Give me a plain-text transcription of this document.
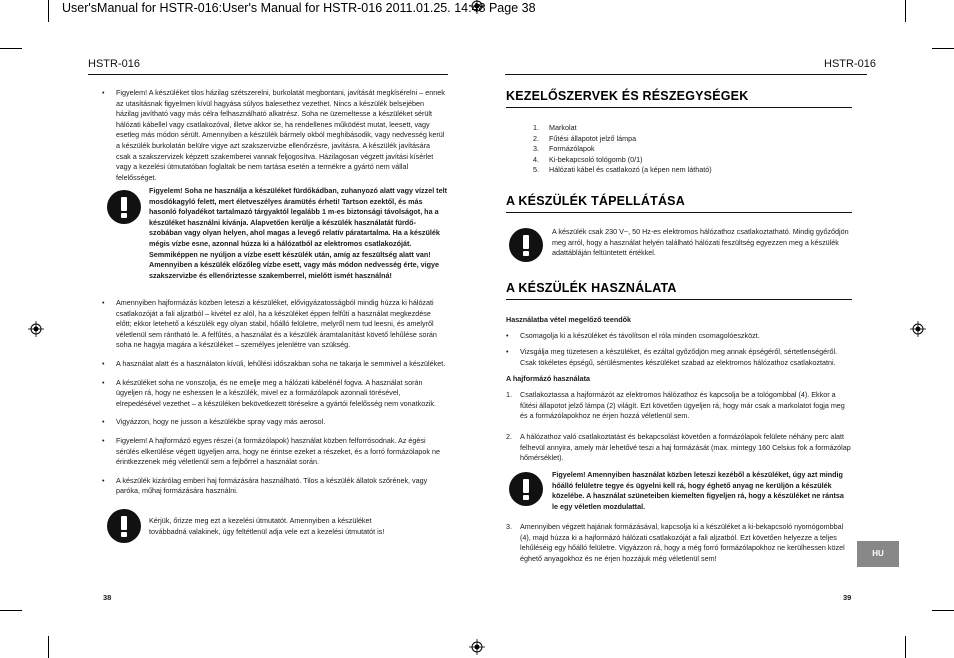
User'sManual for HSTR-016:User's Manual for HSTR-016 2011.01.25. 14:48 Page 38
HSTR-016	HSTR-016

• Figyelem! A készüléket tilos házilag szétszerelni, burkolatát megbontani, javítását megkísérelni – ennek az utasításnak figyelmen kívül hagyása súlyos balesethez vezethet. Nincs a készülék belsejében házilag javítható vagy más célra felhasználható alkatrész. Soha ne üzemeltesse a készüléket sérült hálózati kábellel vagy csatlakozóval, illetve akkor se, ha rendellenes működést mutat, leesett, vagy esetleg más módon sérült. Amennyiben a készülék bármely okból meghibásodik, vagy nedvesség kerül a készülék burkolatán belülre vigye azt szakszervizbe ellenőrzésre, javításra. A készülék javítására csak a szakszervizek képzett szakemberei vannak feljogosítva. Házilagosan végzett javítási kísérlet vagy a kezelési útmutatóban foglaltak be nem tartása esetén a termékre a gyártó nem vállal felelősséget.

Figyelem! Soha ne használja a készüléket fürdőkádban, zuhanyozó alatt vagy vízzel telt mosdókagyló felett, mert életveszélyes áramütés érheti! Tartson ezektől, és más hasonló folyadékot tartalmazó tárgyaktól legalább 1 m-es biztonsági távolságot, ha a készüléket használni kívánja. Alapvetően kerülje a készülék használatát fürdő-szobában vagy olyan helyen, ahol magas a levegő relatív páratartalma. Ha a készülék mégis vízbe esne, azonnal húzza ki a hálózatból az elektromos csatlakozóját. Semmiképpen ne nyúljon a vízbe esett készülék után, amíg az feszültség alatt van! Amennyiben a készülék előzőleg vízbe esett, vagy más módon nedvesség érte, vigye szakszervizbe és ellenőriztesse szakemberrel, mielőtt ismét használná!

• Amennyiben hajformázás közben leteszi a készüléket, elővigyázatosságból mindig húzza ki hálózati csatlakozóját a fali aljzatból – kivétel ez alól, ha a készüléket éppen felfűti a használat megkezdése előtt; ekkor letehető a készülék egy olyan stabil, hőálló felületre, melyről nem tud leesni, és amelyről véletlenül sem rántható le. A felfűtés, a használat és a készülék áramtalanítást követő lehűlése során soha ne hagyja magára a készüléket – személyes jelenlétre van szükség.

• A használat alatt és a használaton kívüli, lehűlési időszakban soha ne takarja le semmivel a készüléket.

• A készüléket soha ne vonszolja, és ne emelje meg a hálózati kábelénél fogva. A használat során ügyeljen rá, hogy ne eshessen le a készülék, mivel ez a formázólapok azonnali törésével, elrepedésével vezethet – a készüléken bekövetkezett törésekre a gyártói felelősség nem vonatkozik.

• Vigyázzon, hogy ne jusson a készülékbe spray vagy más aerosol.

• Figyelem! A hajformázó egyes részei (a formázólapok) használat közben felforrósodnak. Az égési sérülés elkerülése végett ügyeljen arra, hogy ne érintse ezeket a részeket, és a forró formázólapok ne érintkezzenek még véletlenül sem a fejbőrrel a használat során.

• A készülék kizárólag emberi haj formázására használható. Tilos a készülék állatok szőrének, vagy paróka, műhaj formázására használni.

Kérjük, őrizze meg ezt a kezelési útmutatót. Amennyiben a készüléket továbbadná valakinek, úgy feltétlenül adja vele ezt a kezelési útmutatót is!
38
KEZELŐSZERVEK ÉS RÉSZEGYSÉGEK
1. Markolat
2. Fűtési állapotot jelző lámpa
3. Formázólapok
4. Ki-bekapcsoló tológomb (0/1)
5. Hálózati kábel és csatlakozó (a képen nem látható)
A KÉSZÜLÉK TÁPELLÁTÁSA
A készülék csak 230 V~, 50 Hz-es elektromos hálózathoz csatlakoztatható. Mindig győződjön meg arról, hogy a használat helyén található hálózati feszültség egyezzen meg a készülék adattábláján feltüntetett értékkel.
A KÉSZÜLÉK HASZNÁLATA

Használatba vétel megelőző teendők

• Csomagolja ki a készüléket és távolítson el róla minden csomagolóeszközt.

• Vizsgálja meg tüzetesen a készüléket, és ezáltal győződjön meg annak épségéről, sértetlenségéről. Csak tökéletes épségű, sérülésmentes készüléket szabad az elektromos hálózathoz csatlakoztatni.

A hajformázó használata

1. Csatlakoztassa a hajformázót az elektromos hálózathoz és kapcsolja be a tológombbal (4). Ekkor a fűtési állapotot jelző lámpa (2) világít. Ezt követően ügyeljen rá, hogy már csak a markolatot fogja meg és a formázólapokhoz ne érjen hozzá véletlenül sem.

2. A hálózathoz való csatlakoztatást és bekapcsolást követően a formázólapok felülete néhány perc alatt felhevül annyira, amely már lehetővé teszi a haj formázását (max. mintegy 160 Celsius fok a formázólap hőmérséklet).

Figyelem! Amennyiben használat közben leteszi kezéből a készüléket, úgy azt mindig hőálló felületre tegye és ügyelni kell rá, hogy éghető anyag ne kerüljön a készülék közelébe. A használat szüneteiben kiemelten figyeljen rá, hogy a készüléket ne rántsa le egy véletlen mozdulattal.

3. Amennyiben végzett hajának formázásával, kapcsolja ki a készüléket a ki-bekapcsoló nyomógombbal (4), majd húzza ki a hajformázó hálózati csatlakozóját a fali aljzatból. Ezt követően helyezze a teljes lehűléséig egy hőálló felületre. Vigyázzon rá, hogy a még forró formázólapokhoz ne kerülhessen közel éghető anyagokhoz és ne érjen hozzájuk még véletlenül sem!

HU
39
